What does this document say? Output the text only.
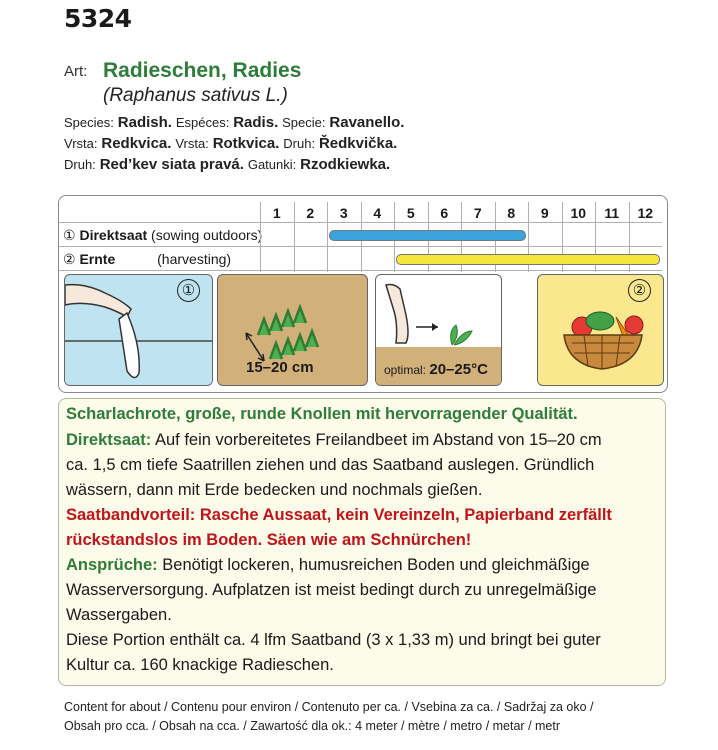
5324
Art: Radieschen, Radies
(Raphanus sativus L.)
Species: Radish. Espéces: Radis. Specie: Ravanello.
Vrsta: Redkvica. Vrsta: Rotkvica. Druh: Ředkvička.
Druh: Red’kev siata pravá. Gatunki: Rzodkiewka.
① Direktsaat (sowing outdoors)
② Ernte	(harvesting)
1	2	3	4	5	6	7	8	9	10	11	12
①
15–20 cm	optimal: 20–25°C
②
Scharlachrote, große, runde Knollen mit hervorragender Qualität.
Direktsaat: Auf fein vorbereitetes Freilandbeet im Abstand von 15–20 cm
ca. 1,5 cm tiefe Saatrillen ziehen und das Saatband auslegen. Gründlich
wässern, dann mit Erde bedecken und nochmals gießen.
Saatbandvorteil: Rasche Aussaat, kein Vereinzeln, Papierband zerfällt
rückstandslos im Boden. Säen wie am Schnürchen!
Ansprüche: Benötigt lockeren, humusreichen Boden und gleichmäßige
Wasserversorgung. Aufplatzen ist meist bedingt durch zu unregelmäßige
Wassergaben.
Diese Portion enthält ca. 4 lfm Saatband (3 x 1,33 m) und bringt bei guter
Kultur ca. 160 knackige Radieschen.
Content for about / Contenu pour environ / Contenuto per ca. / Vsebina za ca. / Sadržaj za oko /
Obsah pro cca. / Obsah na cca. / Zawartość dla ok.: 4 meter / mètre / metro / metar / metr
